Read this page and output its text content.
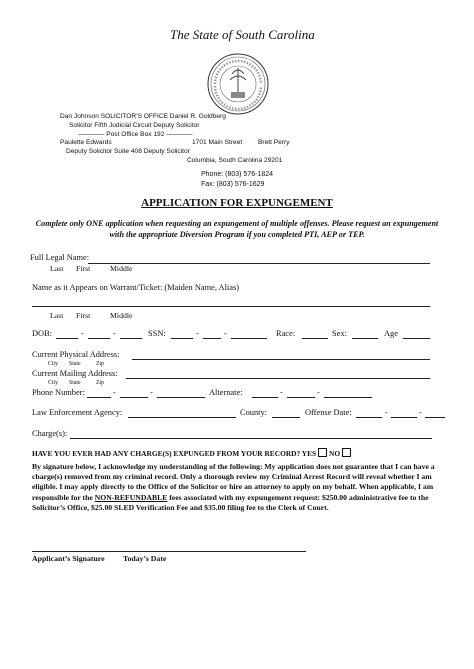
The State of South Carolina
Dan Johnson SOLICITOR’S OFFICE Daniel R. Goldberg
Solicitor Fifth Judicial Circuit Deputy Solicitor
———— Post Office Box 192 ————
Paulette Edwards	1701 Main Street Brett Perry
Deputy Solicitor Suite 408 Deputy Solicitor
Columbia, South Carolina 29201
Phone: (803) 576-1824
Fax: (803) 576-1629
APPLICATION FOR EXPUNGEMENT
Complete only ONE application when requesting an expungement of multiple offenses. Please request an expungement with the appropriate Diversion Program if you completed PTI, AEP or TEP.
Full Legal Name:
Last First	Middle
Name as it Appears on Warrant/Ticket: (Maiden Name, Alias)
Last First	Middle
DOB:	-	-	SSN:	-	-	Race:	Sex:	Age
Current Physical Address:
City State	Zip
Current Mailing Address:
City State	Zip
Phone Number:	-	-	Alternate:	-	-
Law Enforcement Agency:	County:	Offense Date:	-	-
Charge(s):
HAVE YOU EVER HAD ANY CHARGE(S) EXPUNGED FROM YOUR RECORD? YES NO
By signature below, I acknowledge my understanding of the following: My application does not guarantee that I can have a charge(s) removed from my criminal record. Only a thorough review my Criminal Arrest Record will reveal whether I am eligible. I may apply directly to the Office of the Solicitor or hire an attorney to apply on my behalf. When applicable, I am responsible for the NON-REFUNDABLE fees associated with my expungement request: $250.00 administrative fee to the Solicitor’s Office, $25.00 SLED Verification Fee and $35.00 filing fee to the Clerk of Court.
Applicant’s Signature Today’s Date
